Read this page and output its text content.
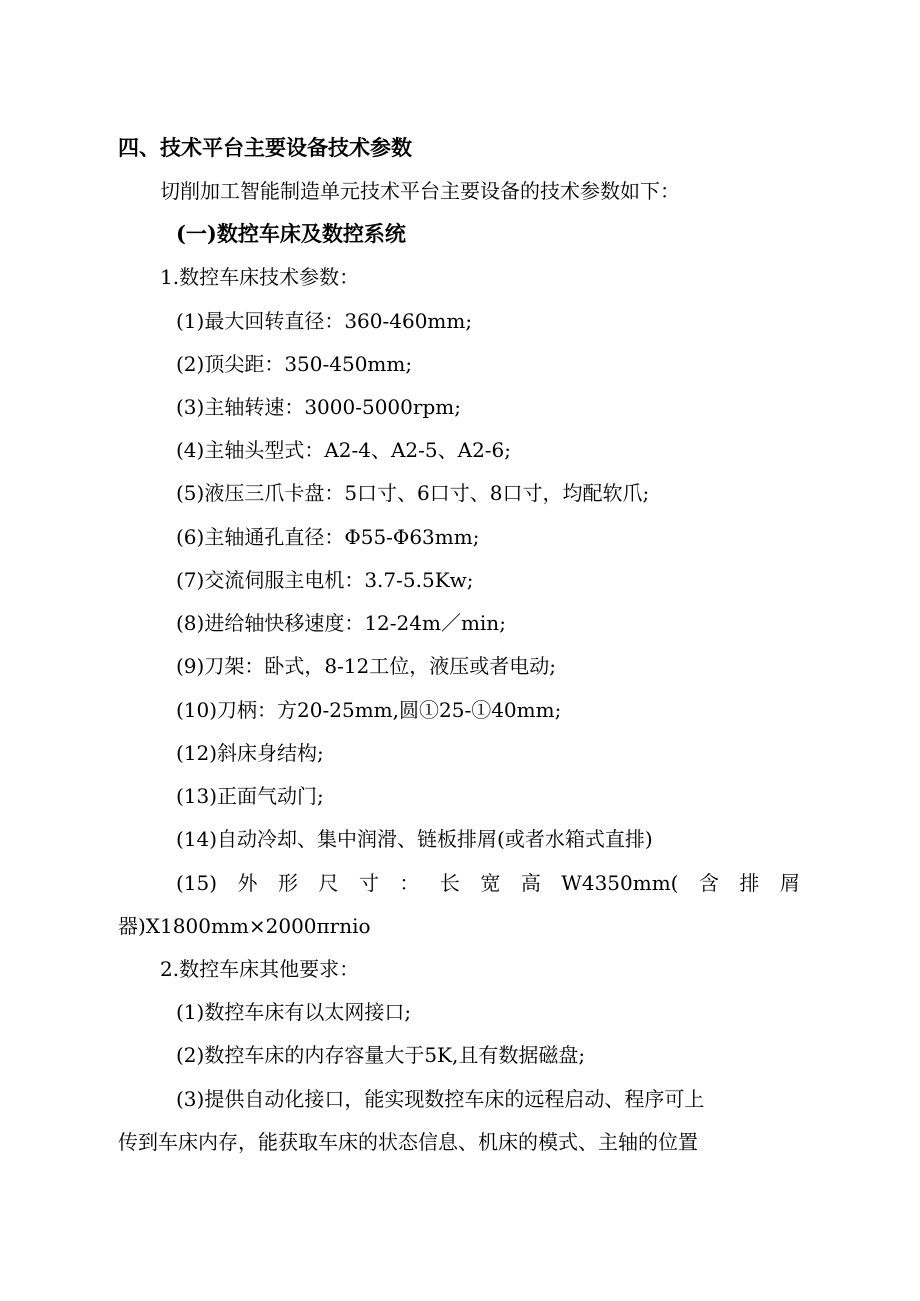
四、技术平台主要设备技术参数
切削加工智能制造单元技术平台主要设备的技术参数如下：
(一)数控车床及数控系统
1.数控车床技术参数：
(1)最大回转直径：360-460mm;
(2)顶尖距：350-450mm;
(3)主轴转速：3000-5000rpm;
(4)主轴头型式：A2-4、A2-5、A2-6;
(5)液压三爪卡盘：5口寸、6口寸、8口寸，均配软爪;
(6)主轴通孔直径：Φ55-Φ63mm;
(7)交流伺服主电机：3.7-5.5Kw;
(8)进给轴快移速度：12-24m／min;
(9)刀架：卧式，8-12工位，液压或者电动;
(10)刀柄：方20-25mm,圆①25-①40mm;
(12)斜床身结构;
(13)正面气动门;
(14)自动冷却、集中润滑、链板排屑(或者水箱式直排)
(15) 外 形 尺 寸 ： 长 宽 高 W4350mm( 含 排 屑
器)X1800mm×2000πrnio
2.数控车床其他要求：
(1)数控车床有以太网接口;
(2)数控车床的内存容量大于5K,且有数据磁盘;
(3)提供自动化接口，能实现数控车床的远程启动、程序可上
传到车床内存，能获取车床的状态信息、机床的模式、主轴的位置
